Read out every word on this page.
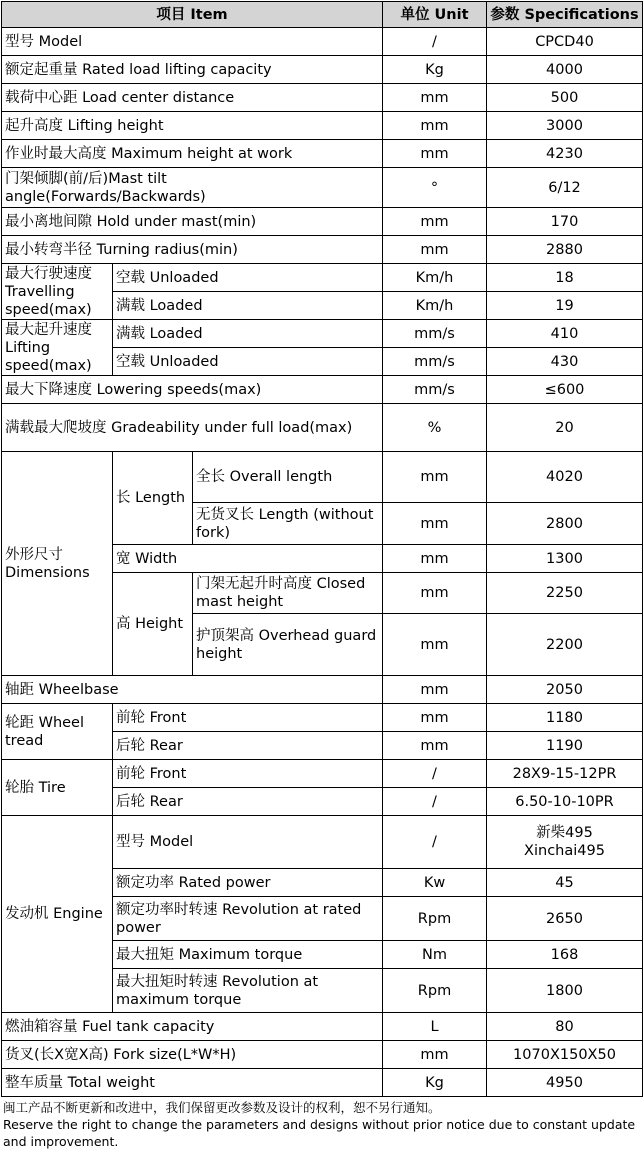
项目 Item			单位 Unit	参数 Specifications
型号 Model			/	CPCD40
额定起重量 Rated load lifting capacity			Kg	4000
载荷中心距 Load center distance			mm	500
起升高度 Lifting height			mm	3000
作业时最大高度 Maximum height at work			mm	4230
门架倾脚(前/后)Mast tilt angle(Forwards/Backwards)			°	6/12
最小离地间隙 Hold under mast(min)			mm	170
最小转弯半径 Turning radius(min)			mm	2880
最大行驶速度 Travelling speed(max)	空载 Unloaded		Km/h	18
	满载 Loaded		Km/h	19
最大起升速度 Lifting speed(max)	满载 Loaded		mm/s	410
	空载 Unloaded		mm/s	430
最大下降速度 Lowering speeds(max)			mm/s	≤600
满载最大爬坡度 Gradeability under full load(max)			%	20
外形尺寸 Dimensions	长 Length	全长 Overall length	mm	4020
		无货叉长 Length (without fork)	mm	2800
	宽 Width		mm	1300
	高 Height	门架无起升时高度 Closed mast height	mm	2250
		护顶架高 Overhead guard height	mm	2200
轴距 Wheelbase			mm	2050
轮距 Wheel tread	前轮 Front		mm	1180
	后轮 Rear		mm	1190
轮胎 Tire	前轮 Front		/	28X9-15-12PR
	后轮 Rear		/	6.50-10-10PR
发动机 Engine	型号 Model		/	新柴495 Xinchai495
	额定功率 Rated power		Kw	45
	额定功率时转速 Revolution at rated power		Rpm	2650
	最大扭矩 Maximum torque		Nm	168
	最大扭矩时转速 Revolution at maximum torque		Rpm	1800
燃油箱容量 Fuel tank capacity			L	80
货叉(长X宽X高) Fork size(L*W*H)			mm	1070X150X50
整车质量 Total weight			Kg	4950
闽工产品不断更新和改进中，我们保留更改参数及设计的权利，恕不另行通知。
Reserve the right to change the parameters and designs without prior notice due to constant update and improvement.
